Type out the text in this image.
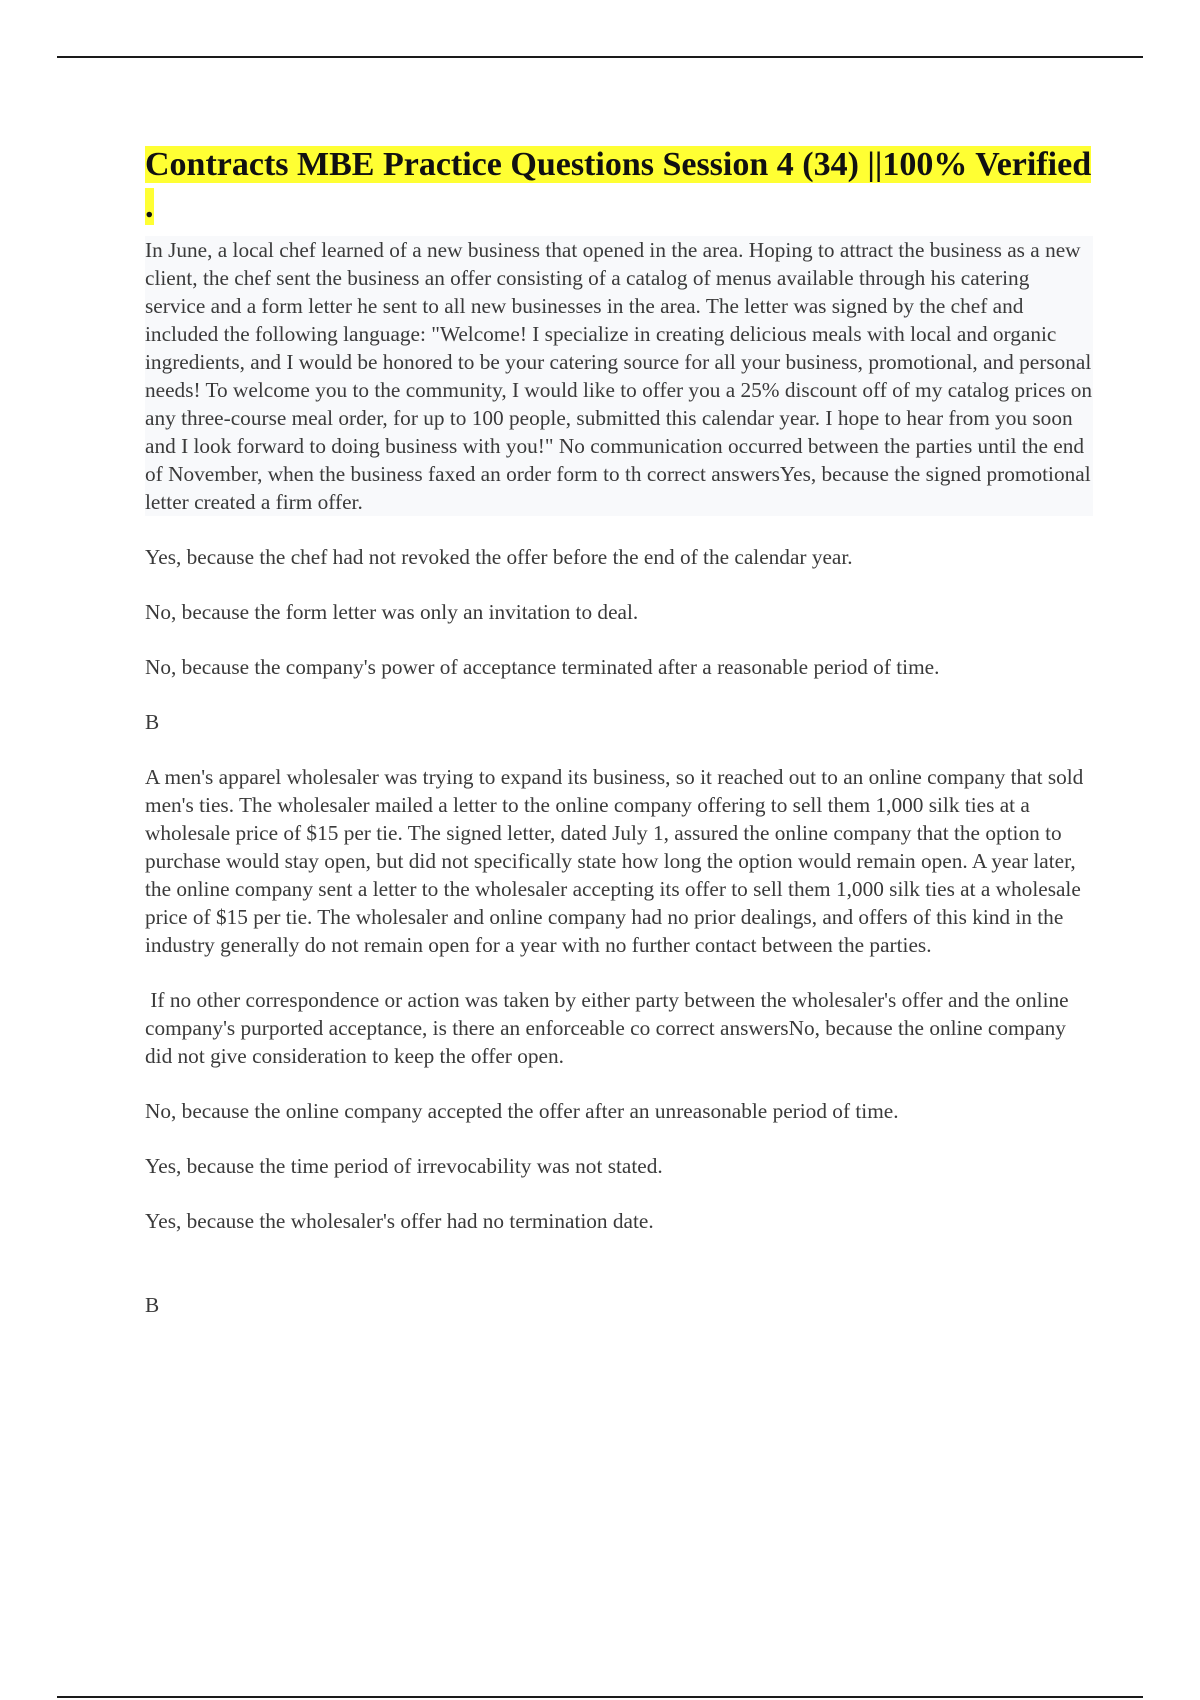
Contracts MBE Practice Questions Session 4 (34) ||100% Verified .

In June, a local chef learned of a new business that opened in the area. Hoping to attract the business as a new client, the chef sent the business an offer consisting of a catalog of menus available through his catering service and a form letter he sent to all new businesses in the area. The letter was signed by the chef and included the following language: "Welcome! I specialize in creating delicious meals with local and organic ingredients, and I would be honored to be your catering source for all your business, promotional, and personal needs! To welcome you to the community, I would like to offer you a 25% discount off of my catalog prices on any three-course meal order, for up to 100 people, submitted this calendar year. I hope to hear from you soon and I look forward to doing business with you!" No communication occurred between the parties until the end of November, when the business faxed an order form to th correct answersYes, because the signed promotional letter created a firm offer.

Yes, because the chef had not revoked the offer before the end of the calendar year.

No, because the form letter was only an invitation to deal.

No, because the company's power of acceptance terminated after a reasonable period of time.

B

A men's apparel wholesaler was trying to expand its business, so it reached out to an online company that sold men's ties. The wholesaler mailed a letter to the online company offering to sell them 1,000 silk ties at a wholesale price of $15 per tie. The signed letter, dated July 1, assured the online company that the option to purchase would stay open, but did not specifically state how long the option would remain open. A year later, the online company sent a letter to the wholesaler accepting its offer to sell them 1,000 silk ties at a wholesale price of $15 per tie. The wholesaler and online company had no prior dealings, and offers of this kind in the industry generally do not remain open for a year with no further contact between the parties.

If no other correspondence or action was taken by either party between the wholesaler's offer and the online company's purported acceptance, is there an enforceable co correct answersNo, because the online company did not give consideration to keep the offer open.

No, because the online company accepted the offer after an unreasonable period of time.

Yes, because the time period of irrevocability was not stated.

Yes, because the wholesaler's offer had no termination date.

B
